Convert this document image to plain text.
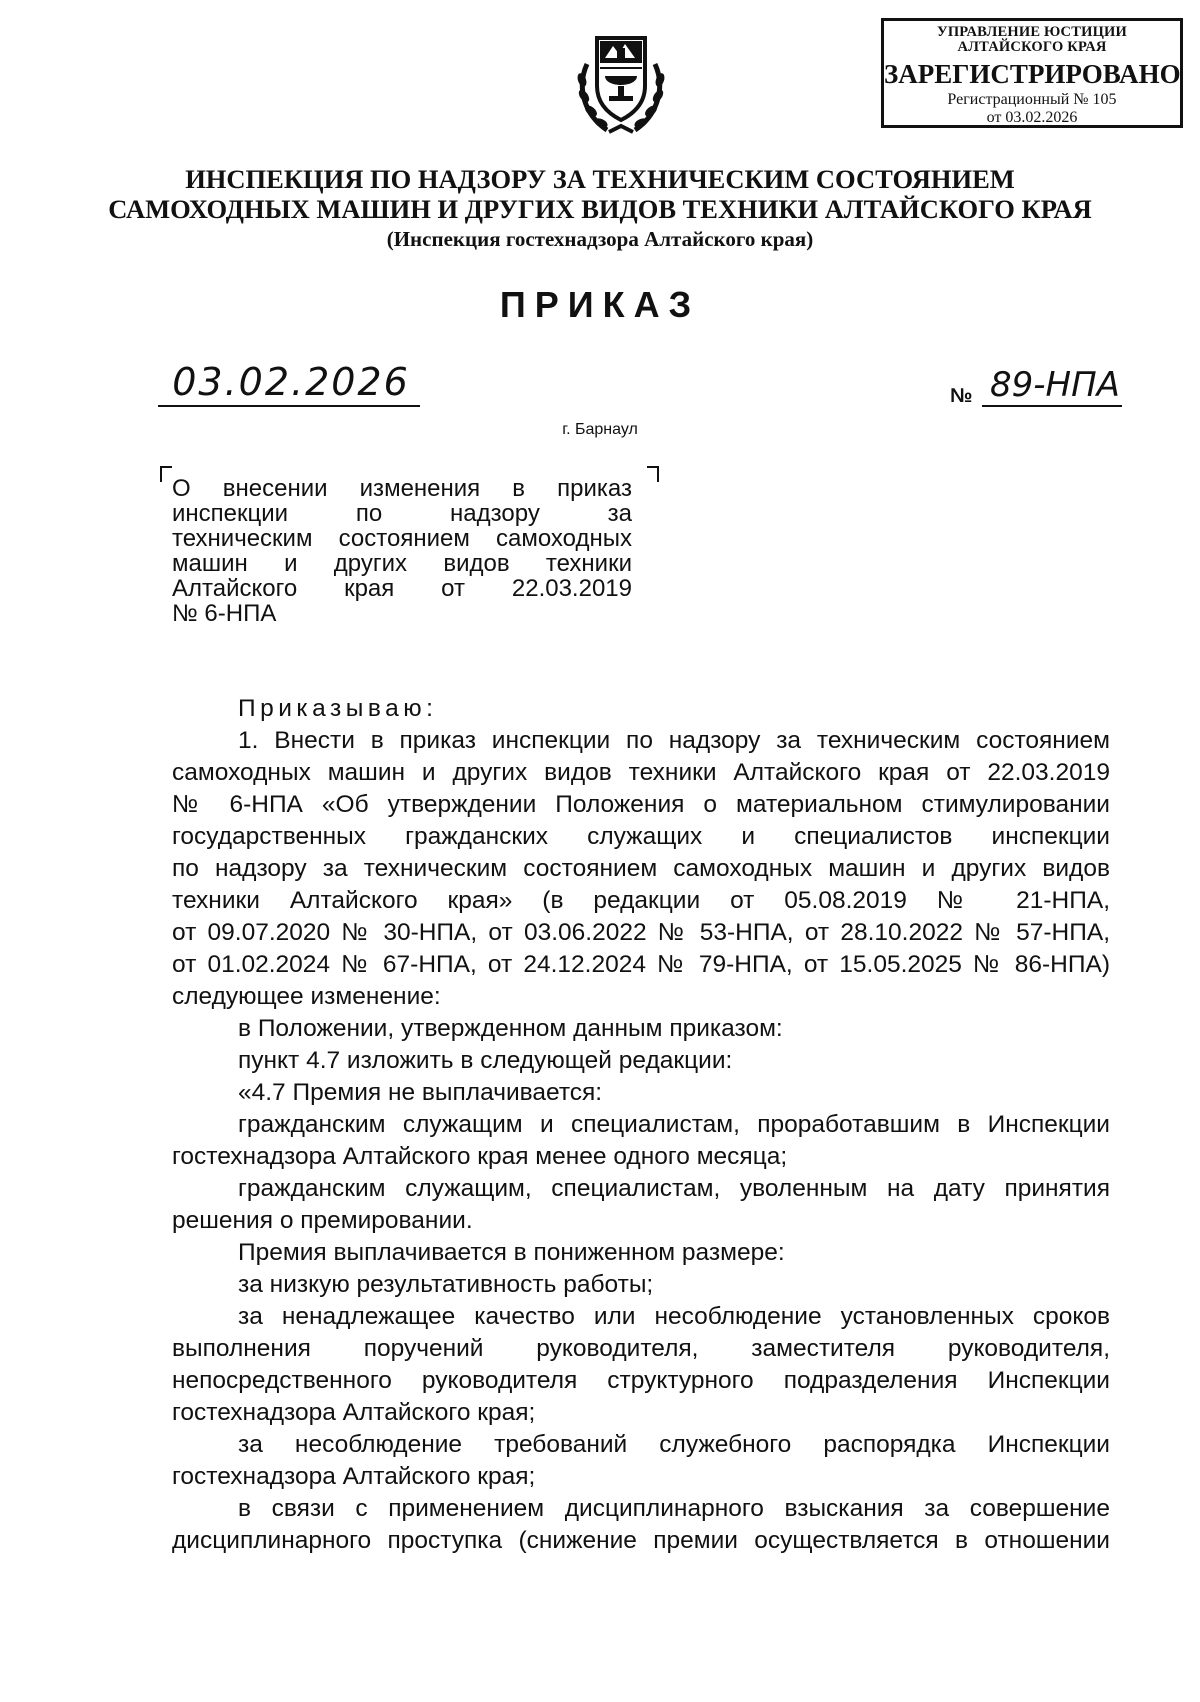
УПРАВЛЕНИЕ ЮСТИЦИИ
АЛТАЙСКОГО КРАЯ
ЗАРЕГИСТРИРОВАНО
Регистрационный № 105
от 03.02.2026
ИНСПЕКЦИЯ ПО НАДЗОРУ ЗА ТЕХНИЧЕСКИМ СОСТОЯНИЕМ
САМОХОДНЫХ МАШИН И ДРУГИХ ВИДОВ ТЕХНИКИ АЛТАЙСКОГО КРАЯ
(Инспекция гостехнадзора Алтайского края)
ПРИКАЗ
03.02.2026	№ 89-НПА
г. Барнаул
О внесении изменения в приказ
инспекции по надзору за
техническим состоянием самоходных
машин и других видов техники
Алтайского края от 22.03.2019
№ 6-НПА
Приказываю:
1. Внести в приказ инспекции по надзору за техническим состоянием
самоходных машин и других видов техники Алтайского края от 22.03.2019
№ 6-НПА «Об утверждении Положения о материальном стимулировании
государственных гражданских служащих и специалистов инспекции
по надзору за техническим состоянием самоходных машин и других видов
техники Алтайского края» (в редакции от 05.08.2019 № 21-НПА,
от 09.07.2020 № 30-НПА, от 03.06.2022 № 53-НПА, от 28.10.2022 № 57-НПА,
от 01.02.2024 № 67-НПА, от 24.12.2024 № 79-НПА, от 15.05.2025 № 86-НПА)
следующее изменение:
в Положении, утвержденном данным приказом:
пункт 4.7 изложить в следующей редакции:
«4.7 Премия не выплачивается:
гражданским служащим и специалистам, проработавшим в Инспекции
гостехнадзора Алтайского края менее одного месяца;
гражданским служащим, специалистам, уволенным на дату принятия
решения о премировании.
Премия выплачивается в пониженном размере:
за низкую результативность работы;
за ненадлежащее качество или несоблюдение установленных сроков
выполнения поручений руководителя, заместителя руководителя,
непосредственного руководителя структурного подразделения Инспекции
гостехнадзора Алтайского края;
за несоблюдение требований служебного распорядка Инспекции
гостехнадзора Алтайского края;
в связи с применением дисциплинарного взыскания за совершение
дисциплинарного проступка (снижение премии осуществляется в отношении
